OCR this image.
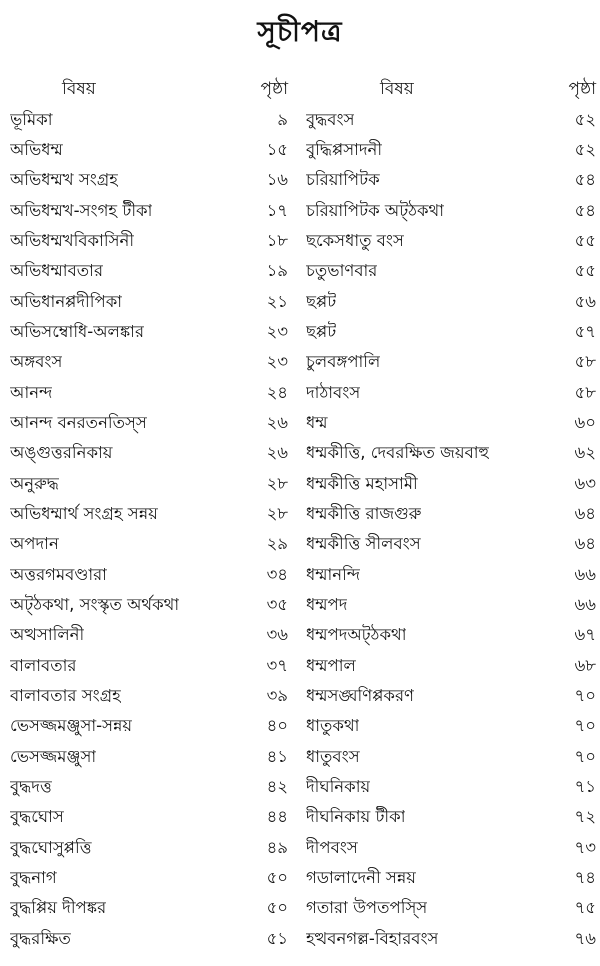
সূচীপত্র
বিষয়	পৃষ্ঠা
ভূমিকা	৯
অভিধম্ম	১৫
অভিধম্মখ সংগ্রহ	১৬
অভিধম্মখ-সংগহ টীকা	১৭
অভিধম্মখবিকাসিনী	১৮
অভিধম্মাবতার	১৯
অভিধানপ্পদীপিকা	২১
অভিসম্বোধি-অলঙ্কার	২৩
অঙ্গবংস	২৩
আনন্দ	২৪
আনন্দ বনরতনতিস্স	২৬
অঙ্গুত্তরনিকায়	২৬
অনুরুদ্ধ	২৮
অভিধম্মার্থ সংগ্রহ সন্নয়	২৮
অপদান	২৯
অত্তরগমবণ্ডারা	৩৪
অট্‌ঠকথা, সংস্কৃত অর্থকথা	৩৫
অত্থসালিনী	৩৬
বালাবতার	৩৭
বালাবতার সংগ্রহ	৩৯
ভেসজ্জমঞ্জুসা-সন্নয়	৪০
ভেসজ্জমঞ্জুসা	৪১
বুদ্ধদত্ত	৪২
বুদ্ধঘোস	৪৪
বুদ্ধঘোসুপ্পত্তি	৪৯
বুদ্ধনাগ	৫০
বুদ্ধপ্পিয় দীপঙ্কর	৫০
বুদ্ধরক্ষিত	৫১
বিষয়	পৃষ্ঠা
বুদ্ধবংস	৫২
বুদ্ধিপ্পসাদনী	৫২
চরিয়াপিটক	৫৪
চরিয়াপিটক অট্‌ঠকথা	৫৪
ছকেসধাতু বংস	৫৫
চতুভাণবার	৫৫
ছপ্পট	৫৬
ছপ্পট	৫৭
চুলবঙ্গপালি	৫৮
দাঠাবংস	৫৮
ধম্ম	৬০
ধম্মকীত্তি, দেবরক্ষিত জয়বাহু	৬২
ধম্মকীত্তি মহাসামী	৬৩
ধম্মকীত্তি রাজগুরু	৬৪
ধম্মকীত্তি সীলবংস	৬৪
ধম্মানন্দি	৬৬
ধম্মপদ	৬৬
ধম্মপদঅট্‌ঠকথা	৬৭
ধম্মপাল	৬৮
ধম্মসঙ্ঘণিপ্পকরণ	৭০
ধাতুকথা	৭০
ধাতুবংস	৭০
দীঘনিকায়	৭১
দীঘনিকায় টীকা	৭২
দীপবংস	৭৩
গডালাদেনী সন্নয়	৭৪
গতারা উপতপস্সি	৭৫
হত্থবনগল্ল-বিহারবংস	৭৬
